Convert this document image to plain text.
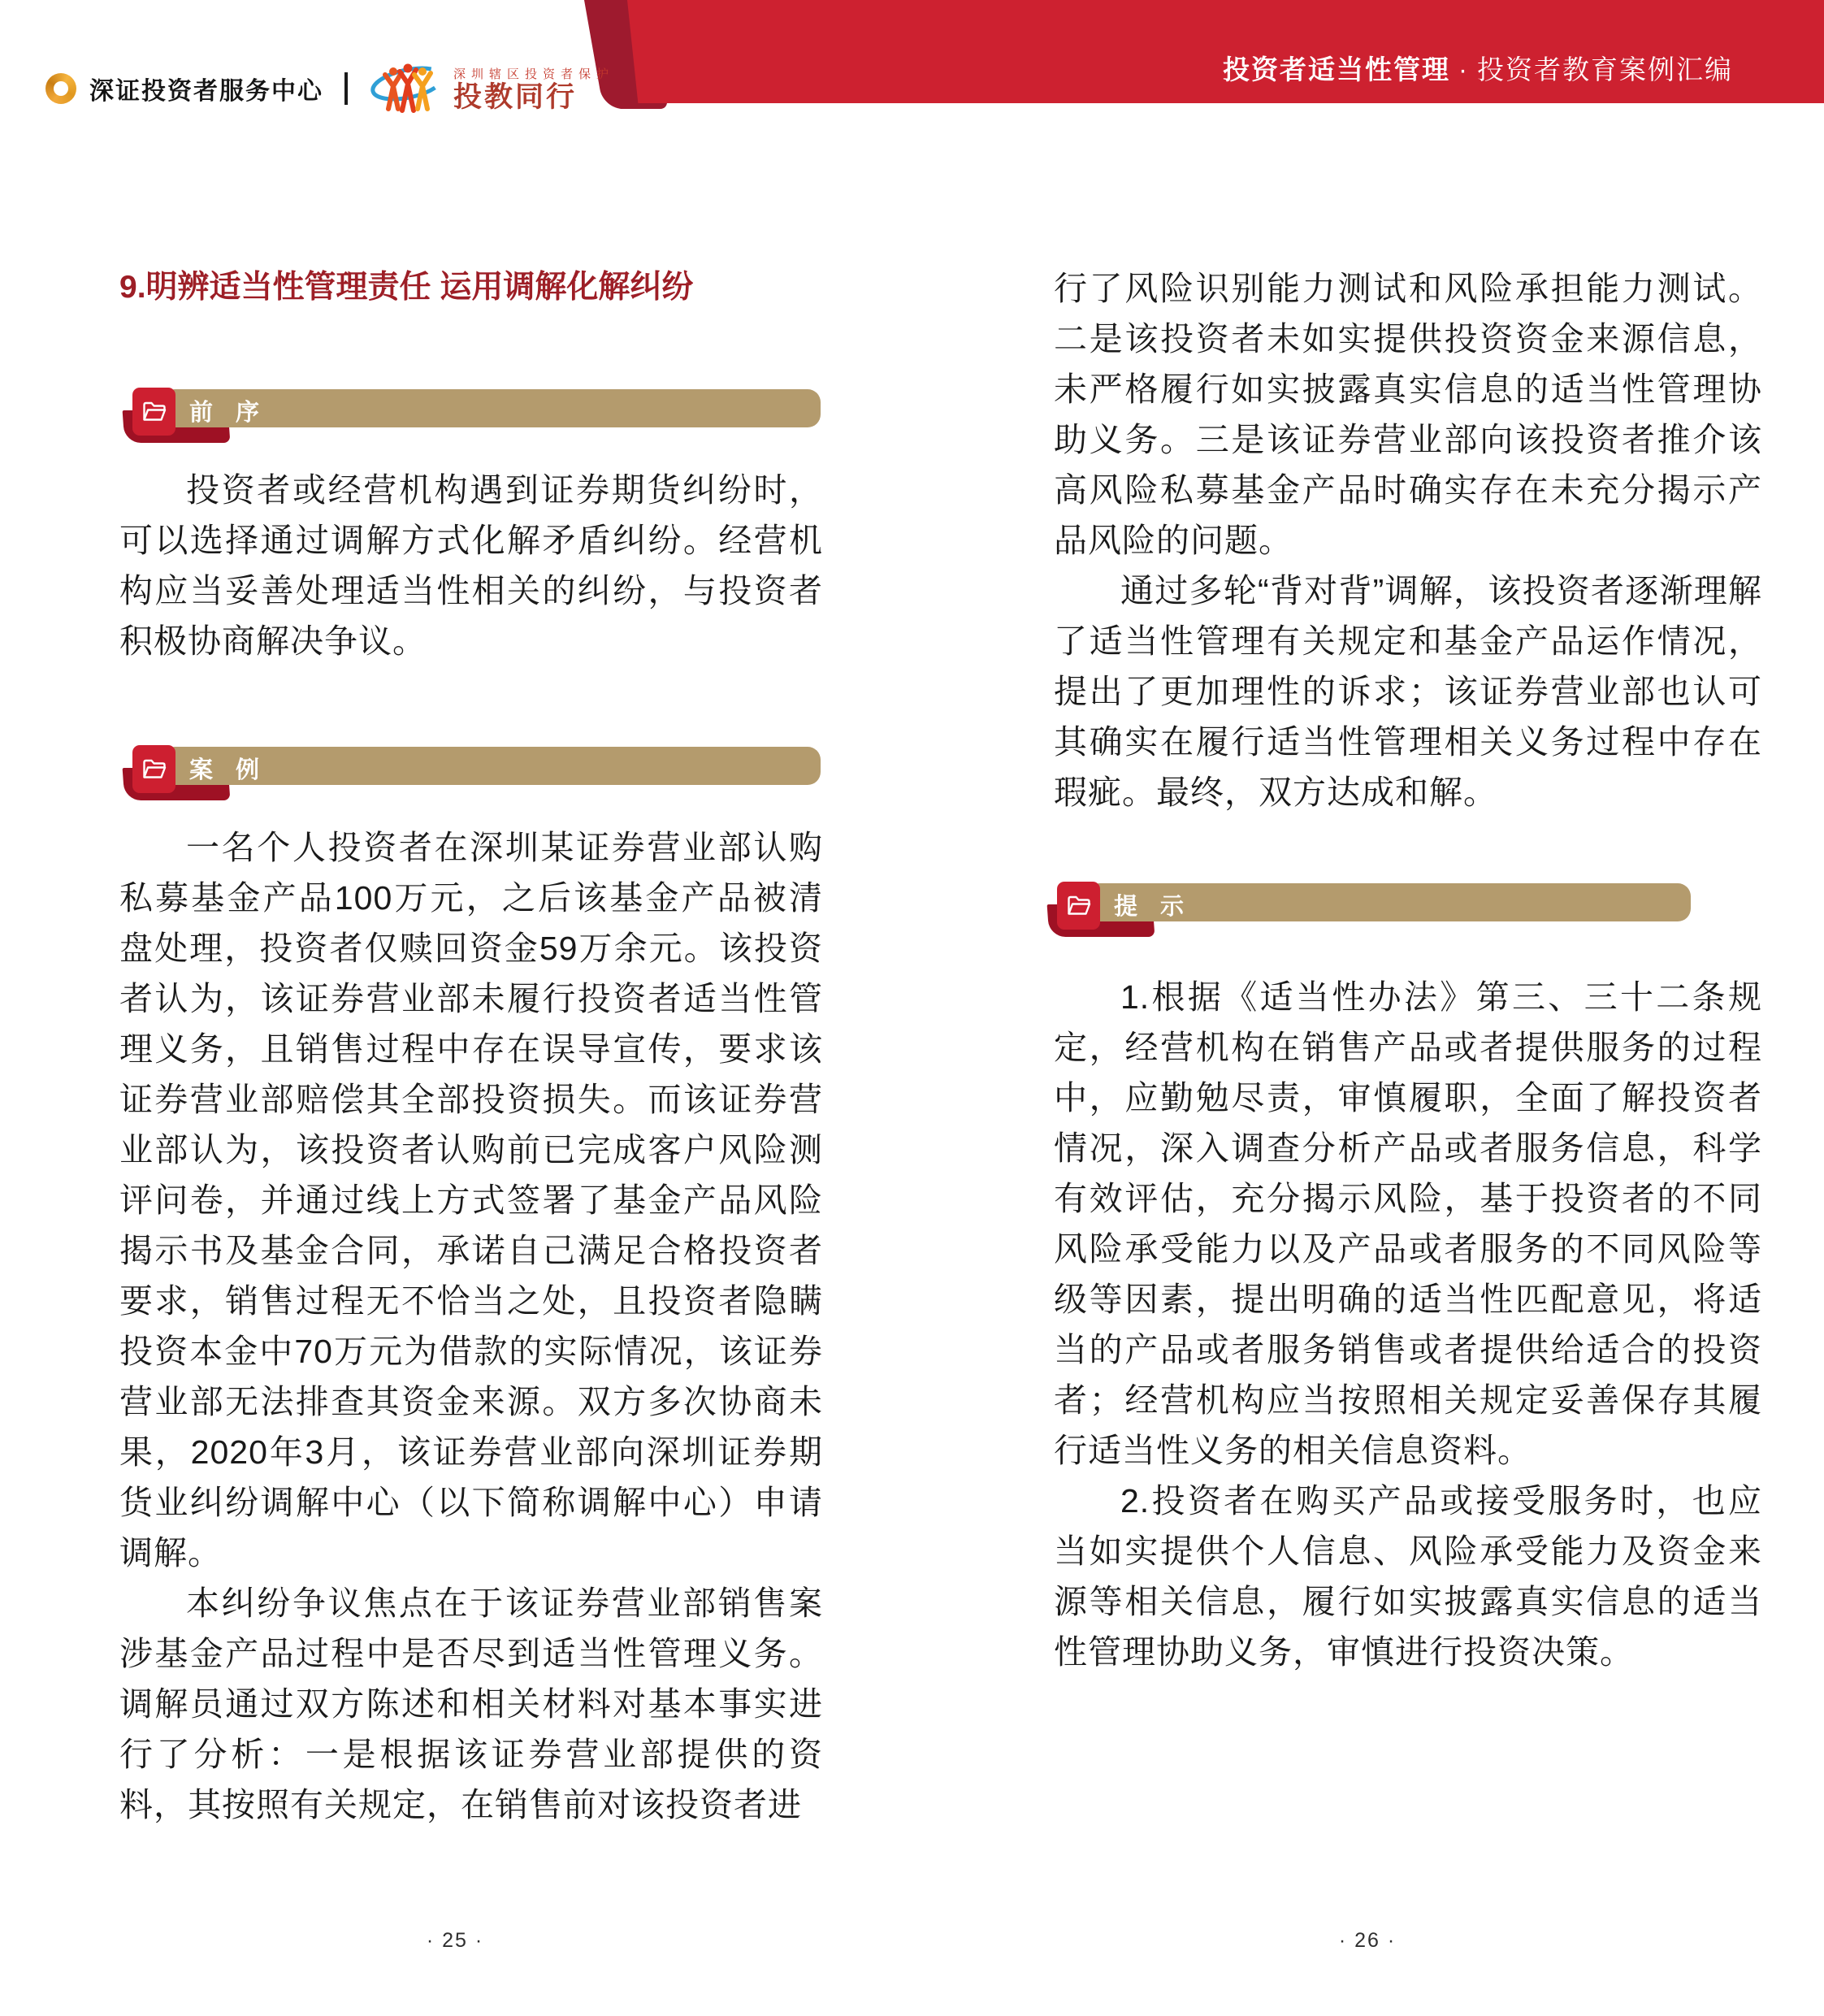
投资者适当性管理 · 投资者教育案例汇编
深证投资者服务中心
深圳辖区投资者保护
投教同行
9.明辨适当性管理责任 运用调解化解纠纷
前 序

投资者或经营机构遇到证券期货纠纷时，可以选择通过调解方式化解矛盾纠纷。经营机构应当妥善处理适当性相关的纠纷，与投资者积极协商解决争议。

案 例

一名个人投资者在深圳某证券营业部认购私募基金产品100万元，之后该基金产品被清盘处理，投资者仅赎回资金59万余元。该投资者认为，该证券营业部未履行投资者适当性管理义务，且销售过程中存在误导宣传，要求该证券营业部赔偿其全部投资损失。而该证券营业部认为，该投资者认购前已完成客户风险测评问卷，并通过线上方式签署了基金产品风险揭示书及基金合同，承诺自己满足合格投资者要求，销售过程无不恰当之处，且投资者隐瞒投资本金中70万元为借款的实际情况，该证券营业部无法排查其资金来源。双方多次协商未果，2020年3月，该证券营业部向深圳证券期货业纠纷调解中心（以下简称调解中心）申请调解。

本纠纷争议焦点在于该证券营业部销售案涉基金产品过程中是否尽到适当性管理义务。调解员通过双方陈述和相关材料对基本事实进行了分析：一是根据该证券营业部提供的资料，其按照有关规定，在销售前对该投资者进

· 25 ·

行了风险识别能力测试和风险承担能力测试。二是该投资者未如实提供投资资金来源信息，未严格履行如实披露真实信息的适当性管理协助义务。三是该证券营业部向该投资者推介该高风险私募基金产品时确实存在未充分揭示产品风险的问题。

通过多轮“背对背”调解，该投资者逐渐理解了适当性管理有关规定和基金产品运作情况，提出了更加理性的诉求；该证券营业部也认可其确实在履行适当性管理相关义务过程中存在瑕疵。最终，双方达成和解。

提 示

1.根据《适当性办法》第三、三十二条规定，经营机构在销售产品或者提供服务的过程中，应勤勉尽责，审慎履职，全面了解投资者情况，深入调查分析产品或者服务信息，科学有效评估，充分揭示风险，基于投资者的不同风险承受能力以及产品或者服务的不同风险等级等因素，提出明确的适当性匹配意见，将适当的产品或者服务销售或者提供给适合的投资者；经营机构应当按照相关规定妥善保存其履行适当性义务的相关信息资料。

2.投资者在购买产品或接受服务时，也应当如实提供个人信息、风险承受能力及资金来源等相关信息，履行如实披露真实信息的适当性管理协助义务，审慎进行投资决策。

· 26 ·
